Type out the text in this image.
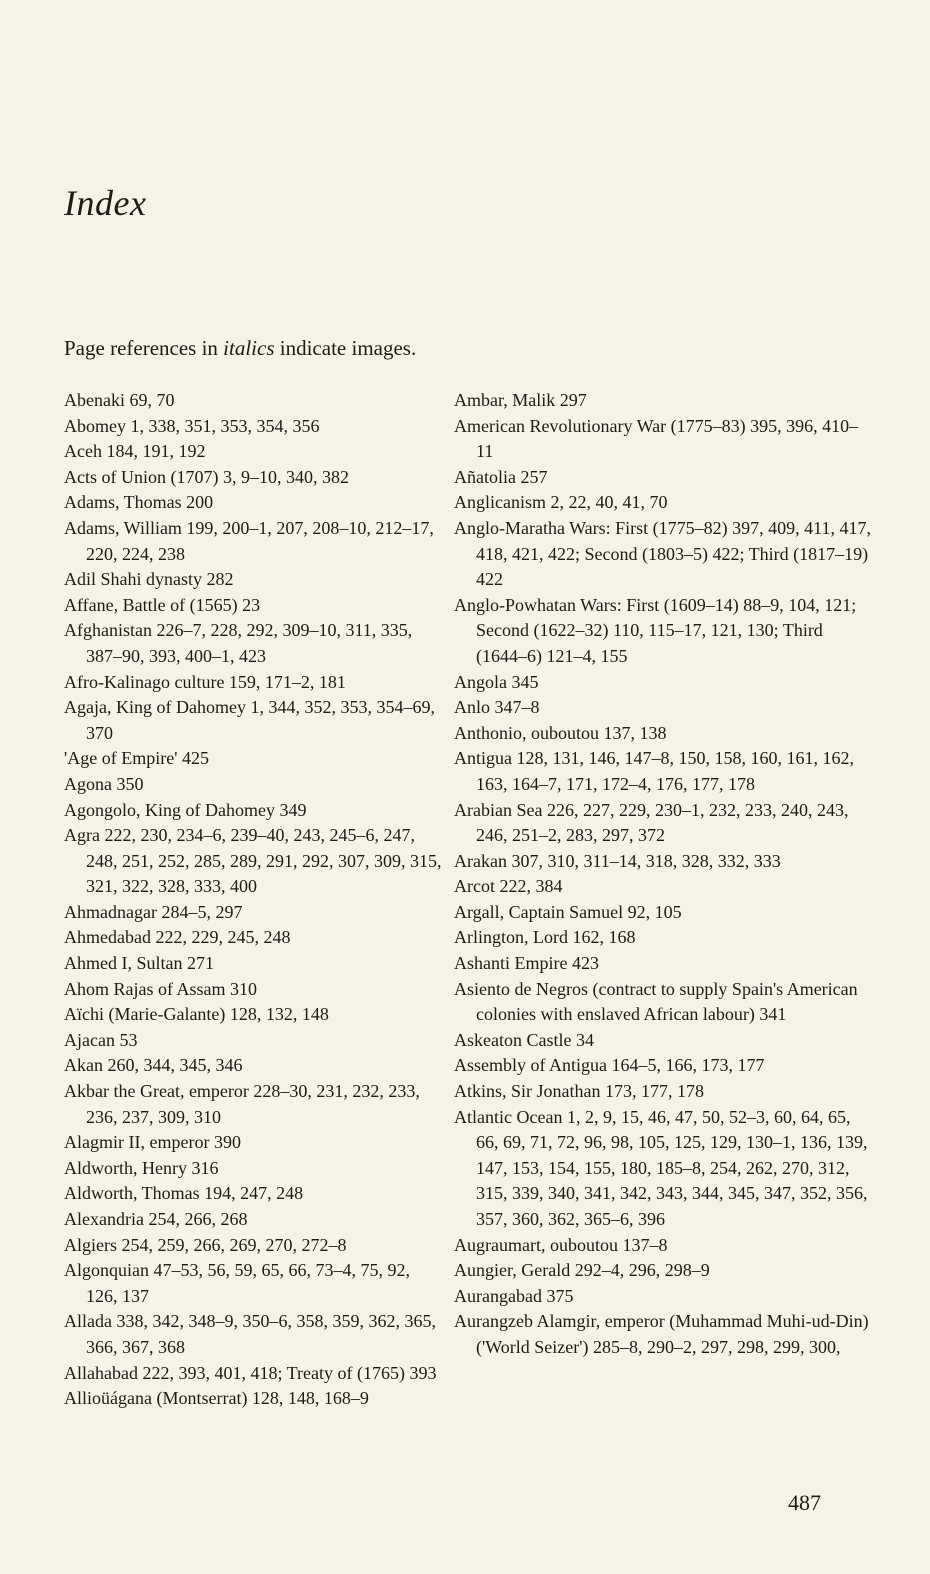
Index

Page references in italics indicate images.

Abenaki 69, 70

Abomey 1, 338, 351, 353, 354, 356

Aceh 184, 191, 192

Acts of Union (1707) 3, 9–10, 340, 382

Adams, Thomas 200

Adams, William 199, 200–1, 207, 208–10, 212–17, 220, 224, 238

Adil Shahi dynasty 282

Affane, Battle of (1565) 23

Afghanistan 226–7, 228, 292, 309–10, 311, 335, 387–90, 393, 400–1, 423

Afro-Kalinago culture 159, 171–2, 181

Agaja, King of Dahomey 1, 344, 352, 353, 354–69, 370

'Age of Empire' 425

Agona 350

Agongolo, King of Dahomey 349

Agra 222, 230, 234–6, 239–40, 243, 245–6, 247, 248, 251, 252, 285, 289, 291, 292, 307, 309, 315, 321, 322, 328, 333, 400

Ahmadnagar 284–5, 297

Ahmedabad 222, 229, 245, 248

Ahmed I, Sultan 271

Ahom Rajas of Assam 310

Aïchi (Marie-Galante) 128, 132, 148

Ajacan 53

Akan 260, 344, 345, 346

Akbar the Great, emperor 228–30, 231, 232, 233, 236, 237, 309, 310

Alagmir II, emperor 390

Aldworth, Henry 316

Aldworth, Thomas 194, 247, 248

Alexandria 254, 266, 268

Algiers 254, 259, 266, 269, 270, 272–8

Algonquian 47–53, 56, 59, 65, 66, 73–4, 75, 92, 126, 137

Allada 338, 342, 348–9, 350–6, 358, 359, 362, 365, 366, 367, 368

Allahabad 222, 393, 401, 418; Treaty of (1765) 393

Allioüágana (Montserrat) 128, 148, 168–9

Ambar, Malik 297

American Revolutionary War (1775–83) 395, 396, 410–11

Añatolia 257

Anglicanism 2, 22, 40, 41, 70

Anglo-Maratha Wars: First (1775–82) 397, 409, 411, 417, 418, 421, 422; Second (1803–5) 422; Third (1817–19) 422

Anglo-Powhatan Wars: First (1609–14) 88–9, 104, 121; Second (1622–32) 110, 115–17, 121, 130; Third (1644–6) 121–4, 155

Angola 345

Anlo 347–8

Anthonio, ouboutou 137, 138

Antigua 128, 131, 146, 147–8, 150, 158, 160, 161, 162, 163, 164–7, 171, 172–4, 176, 177, 178

Arabian Sea 226, 227, 229, 230–1, 232, 233, 240, 243, 246, 251–2, 283, 297, 372

Arakan 307, 310, 311–14, 318, 328, 332, 333

Arcot 222, 384

Argall, Captain Samuel 92, 105

Arlington, Lord 162, 168

Ashanti Empire 423

Asiento de Negros (contract to supply Spain's American colonies with enslaved African labour) 341

Askeaton Castle 34

Assembly of Antigua 164–5, 166, 173, 177

Atkins, Sir Jonathan 173, 177, 178

Atlantic Ocean 1, 2, 9, 15, 46, 47, 50, 52–3, 60, 64, 65, 66, 69, 71, 72, 96, 98, 105, 125, 129, 130–1, 136, 139, 147, 153, 154, 155, 180, 185–8, 254, 262, 270, 312, 315, 339, 340, 341, 342, 343, 344, 345, 347, 352, 356, 357, 360, 362, 365–6, 396

Augraumart, ouboutou 137–8

Aungier, Gerald 292–4, 296, 298–9

Aurangabad 375

Aurangzeb Alamgir, emperor (Muhammad Muhi-ud-Din) ('World Seizer') 285–8, 290–2, 297, 298, 299, 300,

487
